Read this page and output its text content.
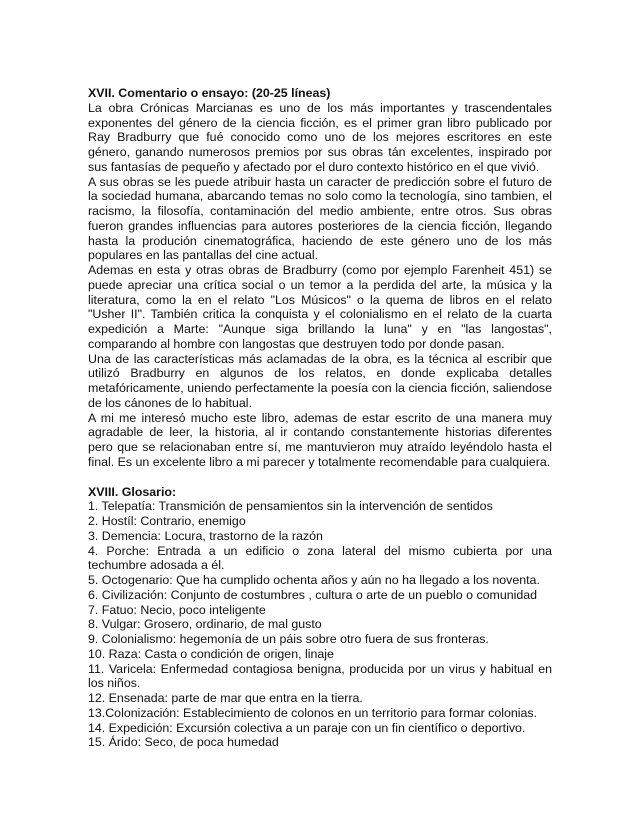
XVII. Comentario o ensayo: (20-25 líneas)

La obra Crónicas Marcianas es uno de los más importantes y trascendentales exponentes del género de la ciencia ficción, es el primer gran libro publicado por Ray Bradburry que fué conocido como uno de los mejores escritores en este género, ganando numerosos premios por sus obras tán excelentes, inspirado por sus fantasías de pequeño y afectado por el duro contexto histórico en el que vivió.

A sus obras se les puede atribuir hasta un caracter de predicción sobre el futuro de la sociedad humana, abarcando temas no solo como la tecnología, sino tambien, el racismo, la filosofía, contaminación del medio ambiente, entre otros. Sus obras fueron grandes influencias para autores posteriores de la ciencia ficción, llegando hasta la produción cinematográfica, haciendo de este género uno de los más populares en las pantallas del cine actual.

Ademas en esta y otras obras de Bradburry (como por ejemplo Farenheit 451) se puede apreciar una crítica social o un temor a la perdida del arte, la música y la literatura, como la en el relato "Los Músicos" o la quema de libros en el relato "Usher II". También critica la conquista y el colonialismo en el relato de la cuarta expedición a Marte: "Aunque siga brillando la luna" y en "las langostas", comparando al hombre con langostas que destruyen todo por donde pasan.

Una de las características más aclamadas de la obra, es la técnica al escribir que utilizó Bradburry en algunos de los relatos, en donde explicaba detalles metafóricamente, uniendo perfectamente la poesía con la ciencia ficción, saliendose de los cánones de lo habitual.

A mi me interesó mucho este libro, ademas de estar escrito de una manera muy agradable de leer, la historia, al ir contando constantemente historias diferentes pero que se relacionaban entre sí, me mantuvieron muy atraído leyéndolo hasta el final. Es un excelente libro a mi parecer y totalmente recomendable para cualquiera.

XVIII. Glosario:

1. Telepatía: Transmición de pensamientos sin la intervención de sentidos
2. Hostíl: Contrario, enemigo
3. Demencia: Locura, trastorno de la razón
4. Porche: Entrada a un edificio o zona lateral del mismo cubierta por una techumbre adosada a él.
5. Octogenario: Que ha cumplido ochenta años y aún no ha llegado a los noventa.
6. Civilización: Conjunto de costumbres , cultura o arte de un pueblo o comunidad
7. Fatuo: Necio, poco inteligente
8. Vulgar: Grosero, ordinario, de mal gusto
9. Colonialismo: hegemonía de un páis sobre otro fuera de sus fronteras.
10. Raza: Casta o condición de origen, linaje
11. Varicela: Enfermedad contagiosa benigna, producida por un virus y habitual en los niños.
12. Ensenada: parte de mar que entra en la tierra.
13.Colonización: Establecimiento de colonos en un territorio para formar colonias.
14. Expedición: Excursión colectiva a un paraje con un fin científico o deportivo.
15. Árido: Seco, de poca humedad
